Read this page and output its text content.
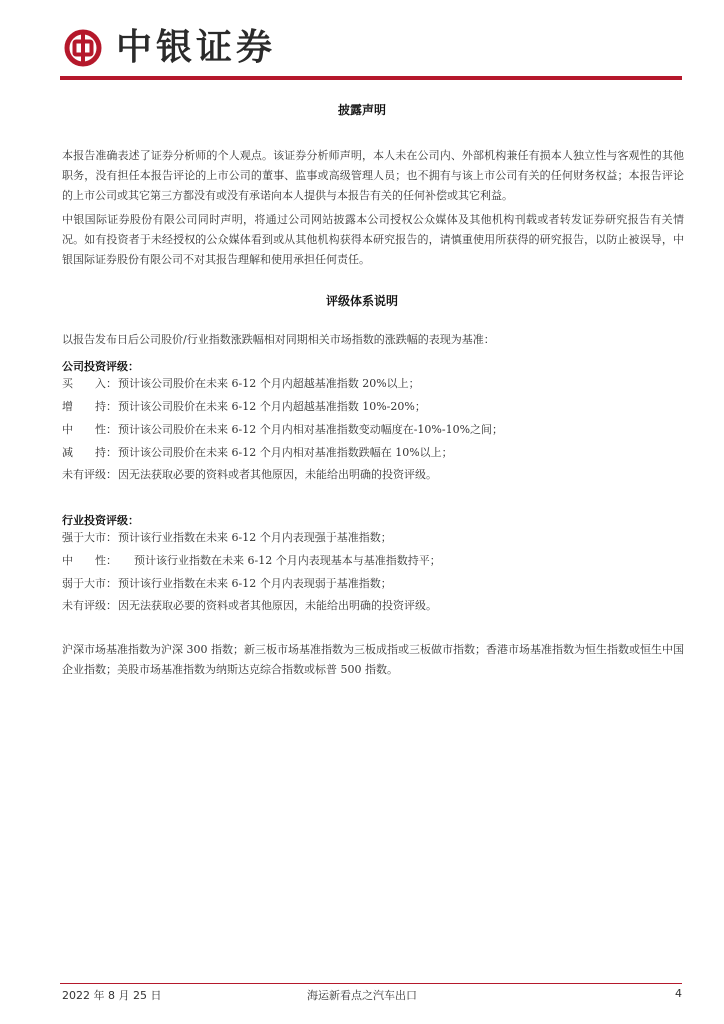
中银证券
披露声明
本报告准确表述了证券分析师的个人观点。该证券分析师声明，本人未在公司内、外部机构兼任有损本人独立性与客观性的其他职务，没有担任本报告评论的上市公司的董事、监事或高级管理人员；也不拥有与该上市公司有关的任何财务权益；本报告评论的上市公司或其它第三方都没有或没有承诺向本人提供与本报告有关的任何补偿或其它利益。
中银国际证券股份有限公司同时声明，将通过公司网站披露本公司授权公众媒体及其他机构刊载或者转发证券研究报告有关情况。如有投资者于未经授权的公众媒体看到或从其他机构获得本研究报告的，请慎重使用所获得的研究报告，以防止被误导，中银国际证券股份有限公司不对其报告理解和使用承担任何责任。
评级体系说明
以报告发布日后公司股价/行业指数涨跌幅相对同期相关市场指数的涨跌幅的表现为基准：
公司投资评级：
买　　入：预计该公司股价在未来 6-12 个月内超越基准指数 20%以上；
增　　持：预计该公司股价在未来 6-12 个月内超越基准指数 10%-20%；
中　　性：预计该公司股价在未来 6-12 个月内相对基准指数变动幅度在-10%-10%之间；
减　　持：预计该公司股价在未来 6-12 个月内相对基准指数跌幅在 10%以上；
未有评级：因无法获取必要的资料或者其他原因，未能给出明确的投资评级。
行业投资评级：
强于大市：预计该行业指数在未来 6-12 个月内表现强于基准指数；
中　　性： 预计该行业指数在未来 6-12 个月内表现基本与基准指数持平；
弱于大市：预计该行业指数在未来 6-12 个月内表现弱于基准指数；
未有评级：因无法获取必要的资料或者其他原因，未能给出明确的投资评级。
沪深市场基准指数为沪深 300 指数；新三板市场基准指数为三板成指或三板做市指数；香港市场基准指数为恒生指数或恒生中国企业指数；美股市场基准指数为纳斯达克综合指数或标普 500 指数。
2022 年 8 月 25 日	海运新看点之汽车出口	4
